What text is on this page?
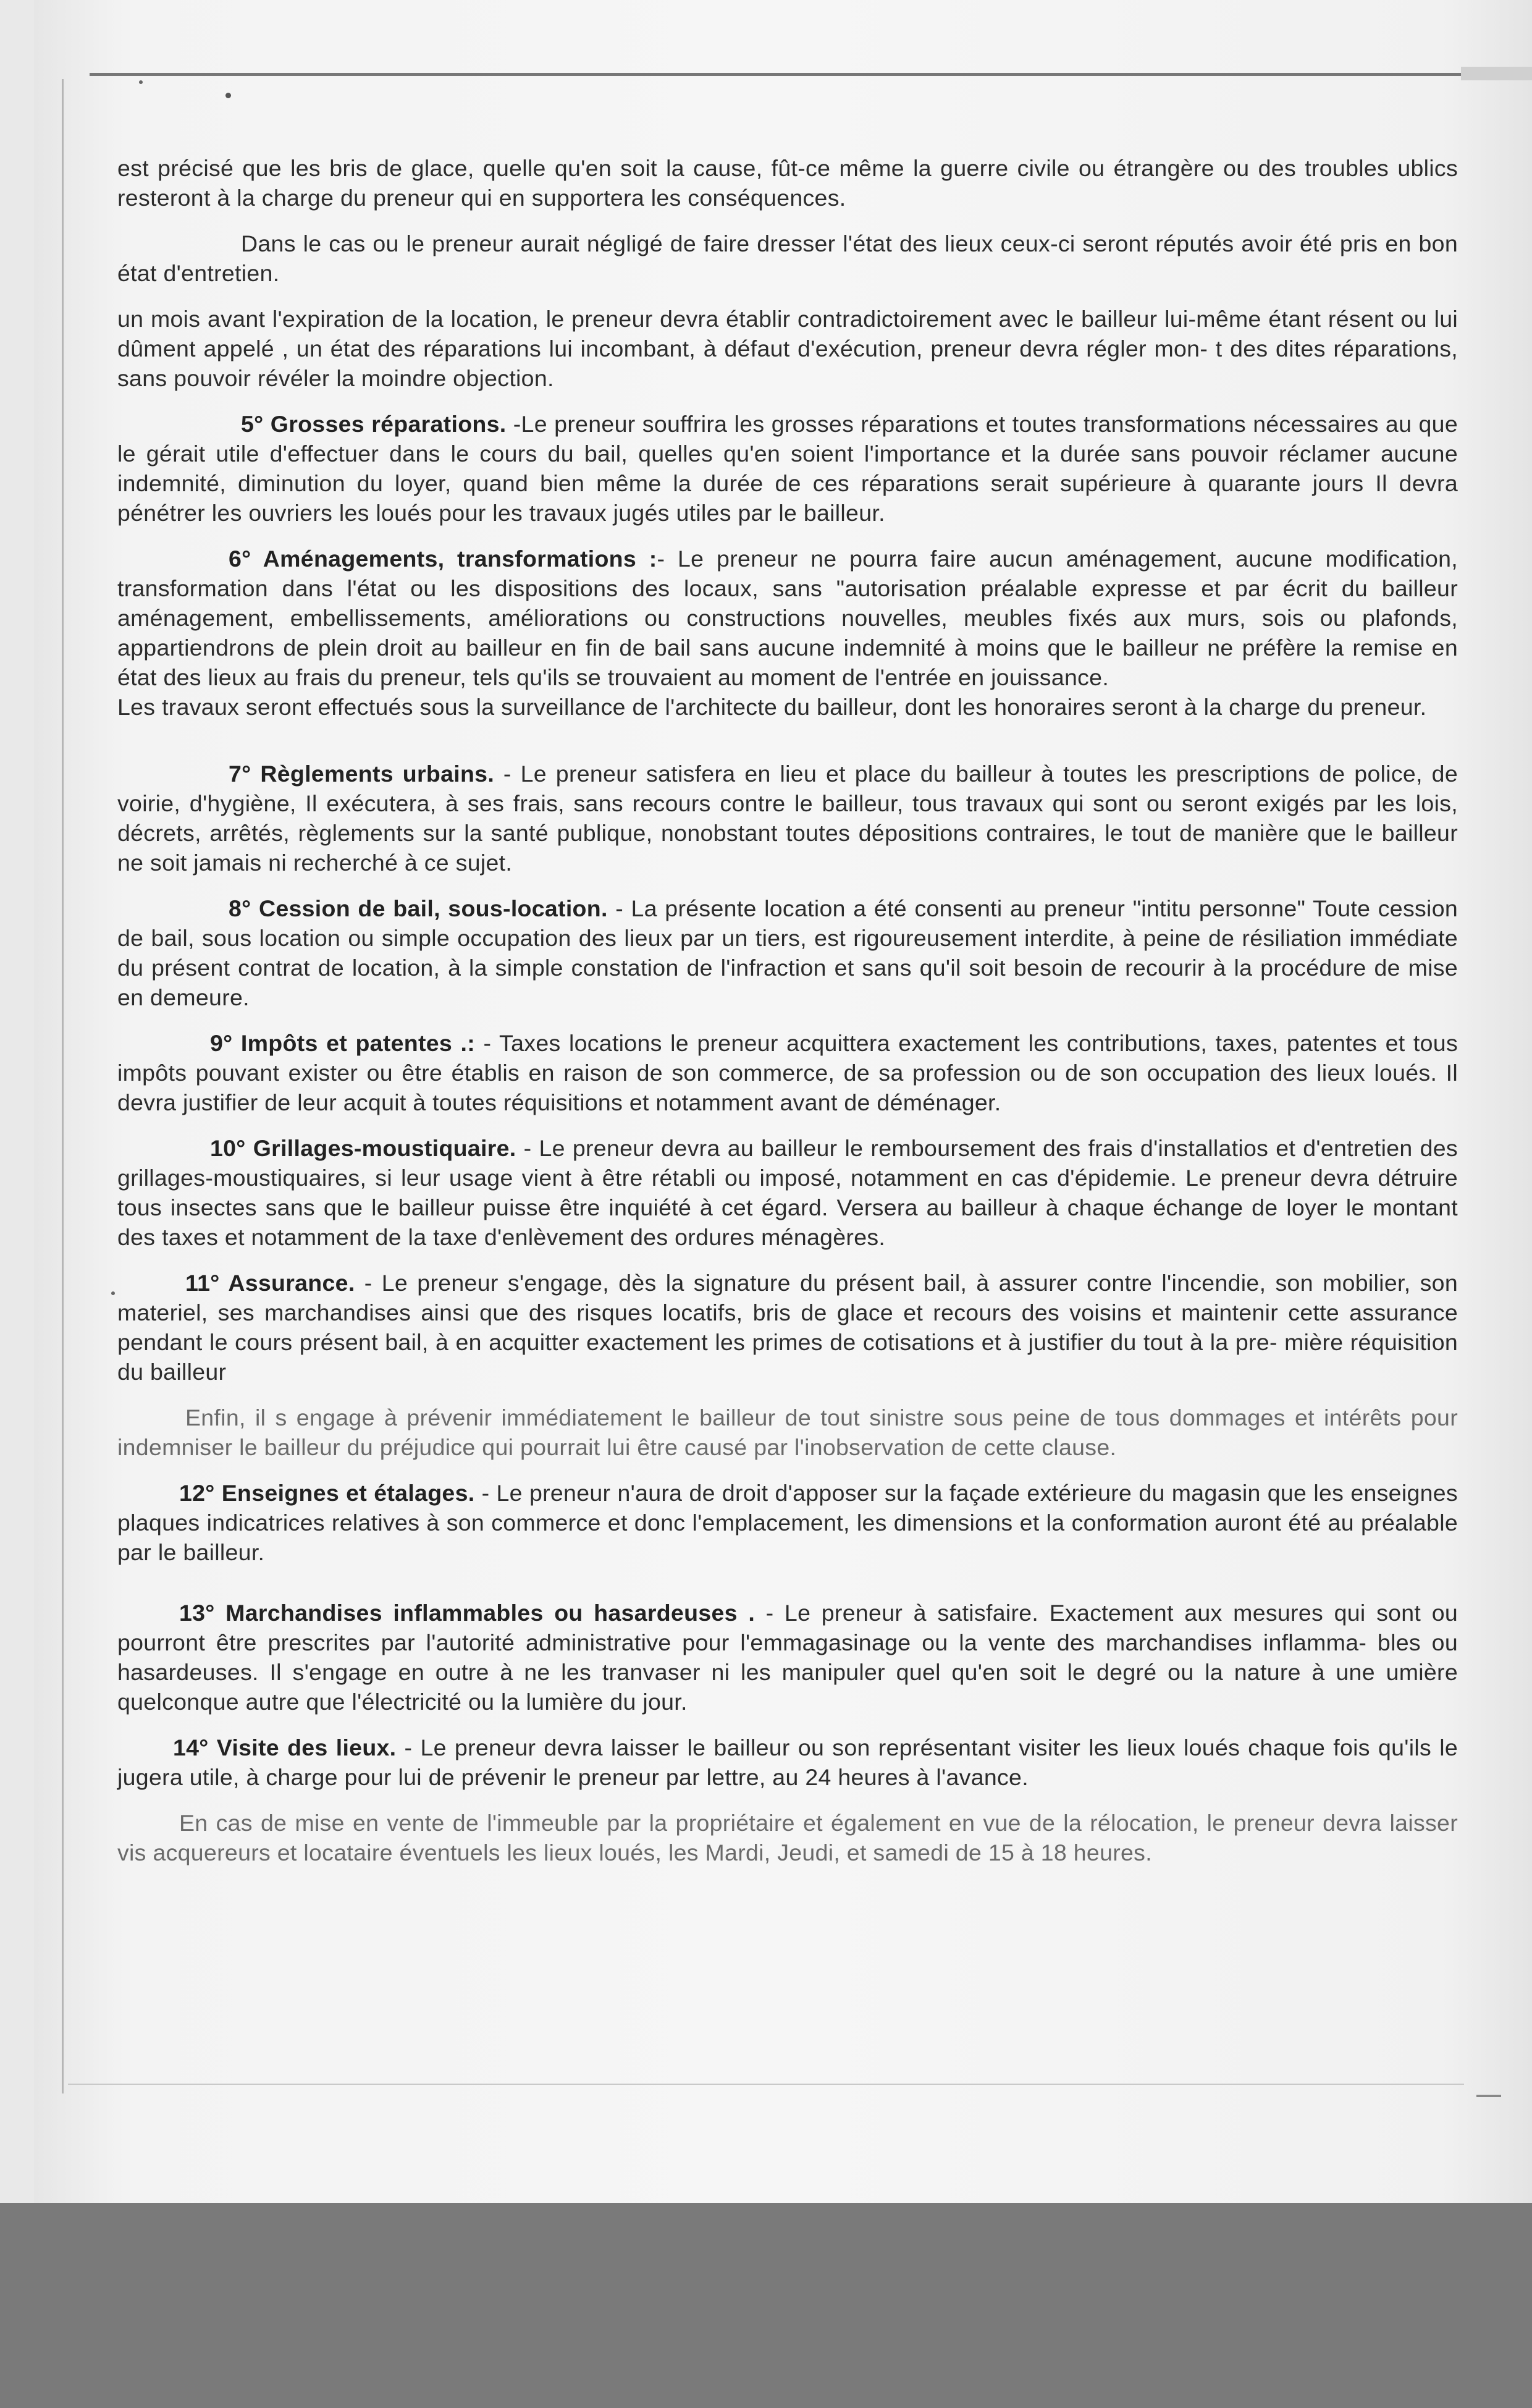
est précisé que les bris de glace, quelle qu'en soit la cause, fût-ce même la guerre civile ou étrangère ou des troubles ublics resteront à la charge du preneur qui en supportera les conséquences.

Dans le cas ou le preneur aurait négligé de faire dresser l'état des lieux ceux-ci seront réputés avoir été pris en bon état d'entretien.

un mois avant l'expiration de la location, le preneur devra établir contradictoirement avec le bailleur lui-même étant résent ou lui dûment appelé , un état des réparations lui incombant, à défaut d'exécution, preneur devra régler mon- t des dites réparations, sans pouvoir révéler la moindre objection.

5° Grosses réparations. -Le preneur souffrira les grosses réparations et toutes transformations nécessaires au que le gérait utile d'effectuer dans le cours du bail, quelles qu'en soient l'importance et la durée sans pouvoir réclamer aucune indemnité, diminution du loyer, quand bien même la durée de ces réparations serait supérieure à quarante jours Il devra pénétrer les ouvriers les loués pour les travaux jugés utiles par le bailleur.

6° Aménagements, transformations :- Le preneur ne pourra faire aucun aménagement, aucune modification, transformation dans l'état ou les dispositions des locaux, sans "autorisation préalable expresse et par écrit du bailleur aménagement, embellissements, améliorations ou constructions nouvelles, meubles fixés aux murs, sois ou plafonds, appartiendrons de plein droit au bailleur en fin de bail sans aucune indemnité à moins que le bailleur ne préfère la remise en état des lieux au frais du preneur, tels qu'ils se trouvaient au moment de l'entrée en jouissance.

Les travaux seront effectués sous la surveillance de l'architecte du bailleur, dont les honoraires seront à la charge du preneur.

7° Règlements urbains. - Le preneur satisfera en lieu et place du bailleur à toutes les prescriptions de police, de voirie, d'hygiène, Il exécutera, à ses frais, sans recours contre le bailleur, tous travaux qui sont ou seront exigés par les lois, décrets, arrêtés, règlements sur la santé publique, nonobstant toutes dépositions contraires, le tout de manière que le bailleur ne soit jamais ni recherché à ce sujet.

8° Cession de bail, sous-location. - La présente location a été consenti au preneur "intitu personne" Toute cession de bail, sous location ou simple occupation des lieux par un tiers, est rigoureusement interdite, à peine de résiliation immédiate du présent contrat de location, à la simple constation de l'infraction et sans qu'il soit besoin de recourir à la procédure de mise en demeure.

9° Impôts et patentes .: - Taxes locations le preneur acquittera exactement les contributions, taxes, patentes et tous impôts pouvant exister ou être établis en raison de son commerce, de sa profession ou de son occupation des lieux loués. Il devra justifier de leur acquit à toutes réquisitions et notamment avant de déménager.

10° Grillages-moustiquaire. - Le preneur devra au bailleur le remboursement des frais d'installatios et d'entretien des grillages-moustiquaires, si leur usage vient à être rétabli ou imposé, notamment en cas d'épidemie. Le preneur devra détruire tous insectes sans que le bailleur puisse être inquiété à cet égard. Versera au bailleur à chaque échange de loyer le montant des taxes et notamment de la taxe d'enlèvement des ordures ménagères.

11° Assurance. - Le preneur s'engage, dès la signature du présent bail, à assurer contre l'incendie, son mobilier, son materiel, ses marchandises ainsi que des risques locatifs, bris de glace et recours des voisins et maintenir cette assurance pendant le cours présent bail, à en acquitter exactement les primes de cotisations et à justifier du tout à la pre- mière réquisition du bailleur

Enfin, il s engage à prévenir immédiatement le bailleur de tout sinistre sous peine de tous dommages et intérêts pour indemniser le bailleur du préjudice qui pourrait lui être causé par l'inobservation de cette clause.

12° Enseignes et étalages. - Le preneur n'aura de droit d'apposer sur la façade extérieure du magasin que les enseignes plaques indicatrices relatives à son commerce et donc l'emplacement, les dimensions et la conformation auront été au préalable par le bailleur.

13° Marchandises inflammables ou hasardeuses . - Le preneur à satisfaire. Exactement aux mesures qui sont ou pourront être prescrites par l'autorité administrative pour l'emmagasinage ou la vente des marchandises inflamma- bles ou hasardeuses. Il s'engage en outre à ne les tranvaser ni les manipuler quel qu'en soit le degré ou la nature à une umière quelconque autre que l'électricité ou la lumière du jour.

14° Visite des lieux. - Le preneur devra laisser le bailleur ou son représentant visiter les lieux loués chaque fois qu'ils le jugera utile, à charge pour lui de prévenir le preneur par lettre, au 24 heures à l'avance.

En cas de mise en vente de l'immeuble par la propriétaire et également en vue de la rélocation, le preneur devra laisser vis acquereurs et locataire éventuels les lieux loués, les Mardi, Jeudi, et samedi de 15 à 18 heures.
